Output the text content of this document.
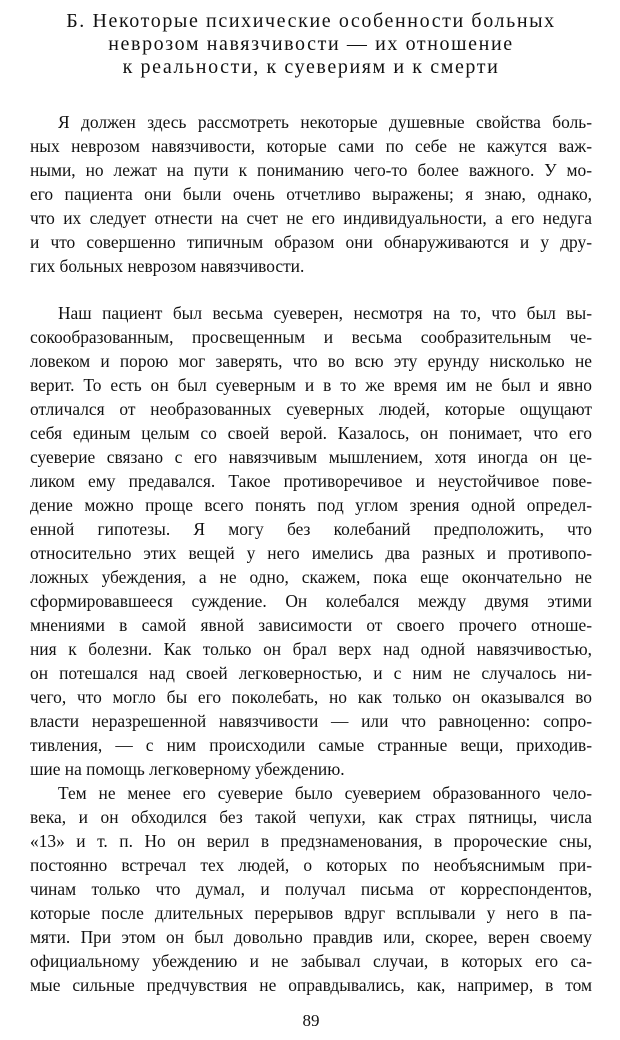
Б. Некоторые психические особенности больных
неврозом навязчивости — их отношение
к реальности, к суевериям и к смерти

Я должен здесь рассмотреть некоторые душевные свойства боль-
ных неврозом навязчивости, которые сами по себе не кажутся важ-
ными, но лежат на пути к пониманию чего-то более важного. У мо-
его пациента они были очень отчетливо выражены; я знаю, однако,
что их следует отнести на счет не его индивидуальности, а его недуга
и что совершенно типичным образом они обнаруживаются и у дру-
гих больных неврозом навязчивости.

Наш пациент был весьма суеверен, несмотря на то, что был вы-
сокообразованным, просвещенным и весьма сообразительным че-
ловеком и порою мог заверять, что во всю эту ерунду нисколько не
верит. То есть он был суеверным и в то же время им не был и явно
отличался от необразованных суеверных людей, которые ощущают
себя единым целым со своей верой. Казалось, он понимает, что его
суеверие связано с его навязчивым мышлением, хотя иногда он це-
ликом ему предавался. Такое противоречивое и неустойчивое пове-
дение можно проще всего понять под углом зрения одной определ-
енной гипотезы. Я могу без колебаний предположить, что
относительно этих вещей у него имелись два разных и противопо-
ложных убеждения, а не одно, скажем, пока еще окончательно не
сформировавшееся суждение. Он колебался между двумя этими
мнениями в самой явной зависимости от своего прочего отноше-
ния к болезни. Как только он брал верх над одной навязчивостью,
он потешался над своей легковерностью, и с ним не случалось ни-
чего, что могло бы его поколебать, но как только он оказывался во
власти неразрешенной навязчивости — или что равноценно: сопро-
тивления, — с ним происходили самые странные вещи, приходив-
шие на помощь легковерному убеждению.

Тем не менее его суеверие было суеверием образованного чело-
века, и он обходился без такой чепухи, как страх пятницы, числа
«13» и т. п. Но он верил в предзнаменования, в пророческие сны,
постоянно встречал тех людей, о которых по необъяснимым при-
чинам только что думал, и получал письма от корреспондентов,
которые после длительных перерывов вдруг всплывали у него в па-
мяти. При этом он был довольно правдив или, скорее, верен своему
официальному убеждению и не забывал случаи, в которых его са-
мые сильные предчувствия не оправдывались, как, например, в том

89
